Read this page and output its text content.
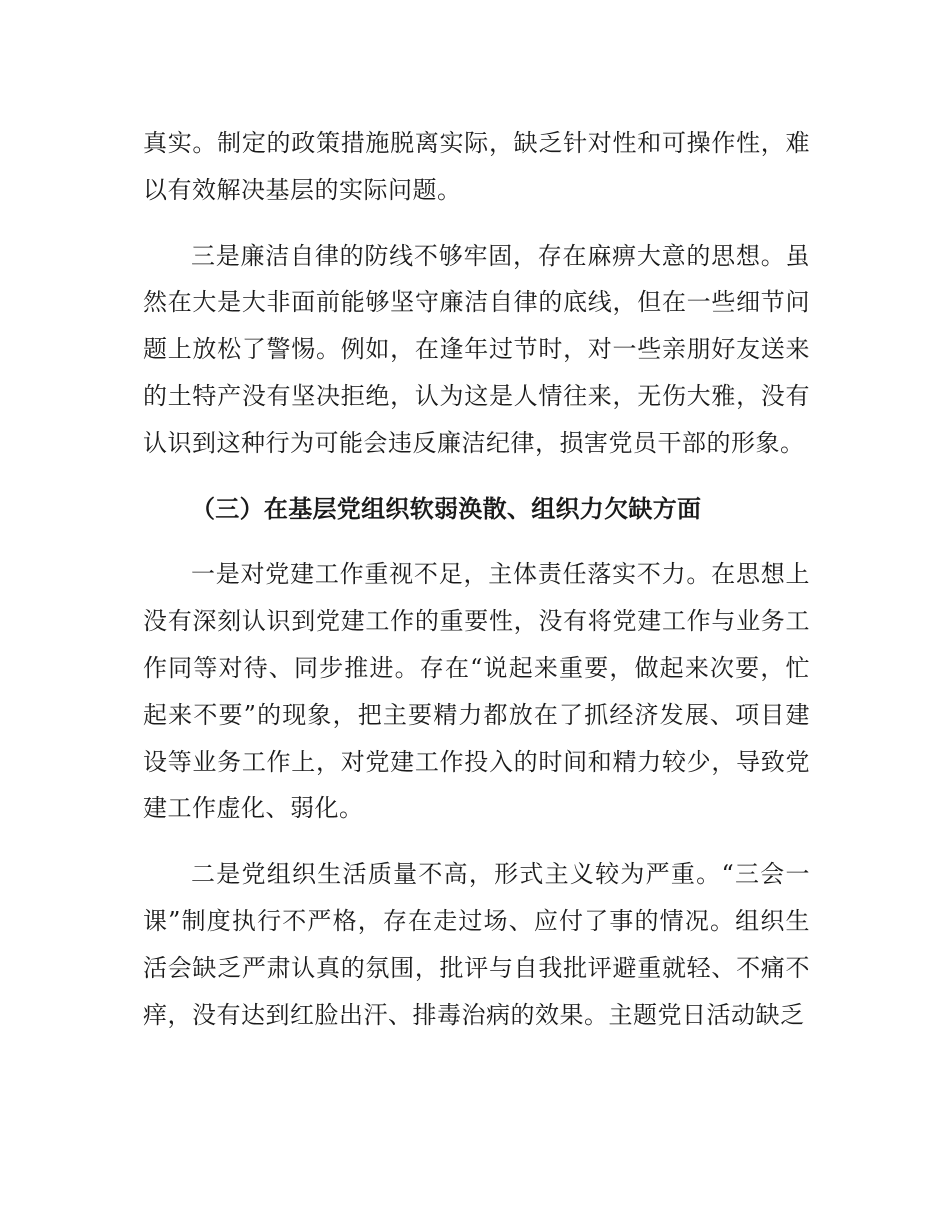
真实。制定的政策措施脱离实际，缺乏针对性和可操作性，难以有效解决基层的实际问题。

三是廉洁自律的防线不够牢固，存在麻痹大意的思想。虽然在大是大非面前能够坚守廉洁自律的底线，但在一些细节问题上放松了警惕。例如，在逢年过节时，对一些亲朋好友送来的土特产没有坚决拒绝，认为这是人情往来，无伤大雅，没有认识到这种行为可能会违反廉洁纪律，损害党员干部的形象。

（三）在基层党组织软弱涣散、组织力欠缺方面

一是对党建工作重视不足，主体责任落实不力。在思想上没有深刻认识到党建工作的重要性，没有将党建工作与业务工作同等对待、同步推进。存在“说起来重要，做起来次要，忙起来不要”的现象，把主要精力都放在了抓经济发展、项目建设等业务工作上，对党建工作投入的时间和精力较少，导致党建工作虚化、弱化。

二是党组织生活质量不高，形式主义较为严重。“三会一课”制度执行不严格，存在走过场、应付了事的情况。组织生活会缺乏严肃认真的氛围，批评与自我批评避重就轻、不痛不痒，没有达到红脸出汗、排毒治病的效果。主题党日活动缺乏
